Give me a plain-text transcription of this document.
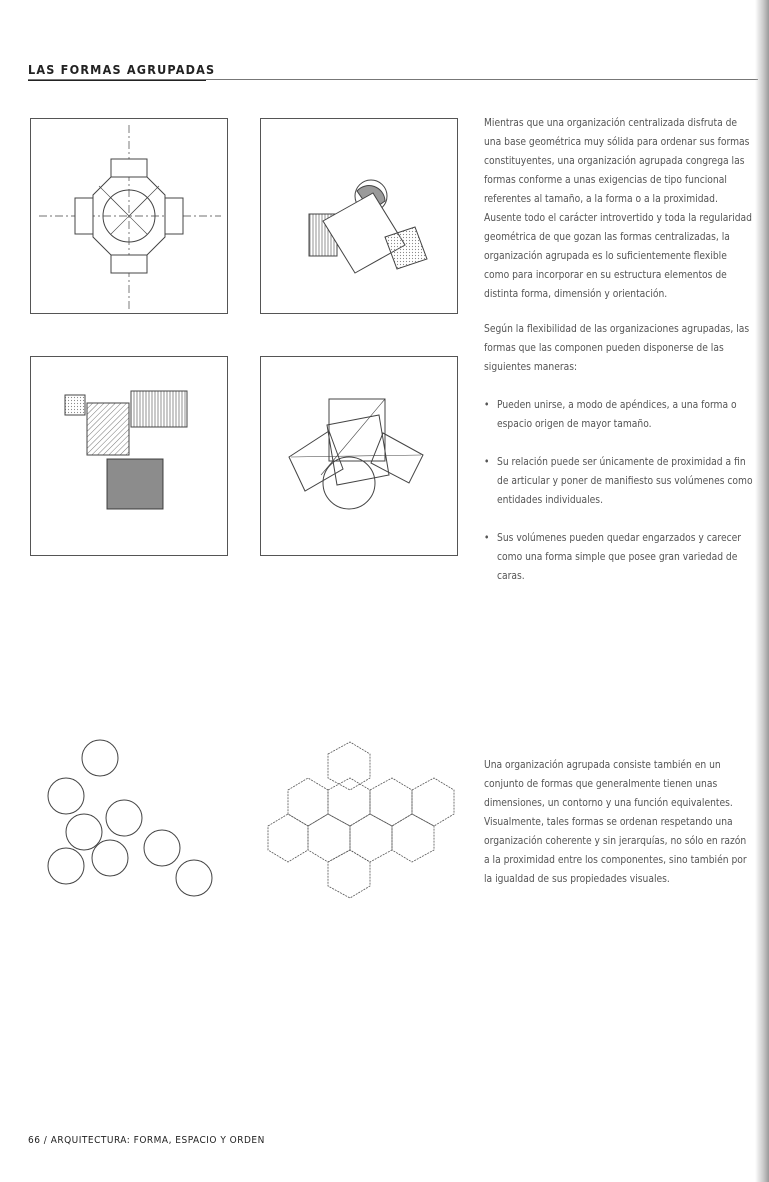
LAS FORMAS AGRUPADAS

Mientras que una organización centralizada disfruta de una base geométrica muy sólida para ordenar sus formas constituyentes, una organización agrupada congrega las formas conforme a unas exigencias de tipo funcional referentes al tamaño, a la forma o a la proximidad. Ausente todo el carácter introvertido y toda la regularidad geométrica de que gozan las formas centralizadas, la organización agrupada es lo suficientemente flexible como para incorporar en su estructura elementos de distinta forma, dimensión y orientación.

Según la flexibilidad de las organizaciones agrupadas, las formas que las componen pueden disponerse de las siguientes maneras:

• Pueden unirse, a modo de apéndices, a una forma o espacio origen de mayor tamaño.
• Su relación puede ser únicamente de proximidad a fin de articular y poner de manifiesto sus volúmenes como entidades individuales.
• Sus volúmenes pueden quedar engarzados y carecer como una forma simple que posee gran variedad de caras.

Una organización agrupada consiste también en un conjunto de formas que generalmente tienen unas dimensiones, un contorno y una función equivalentes.

Visualmente, tales formas se ordenan respetando una organización coherente y sin jerarquías, no sólo en razón a la proximidad entre los componentes, sino también por la igualdad de sus propiedades visuales.

66 / ARQUITECTURA: FORMA, ESPACIO Y ORDEN
